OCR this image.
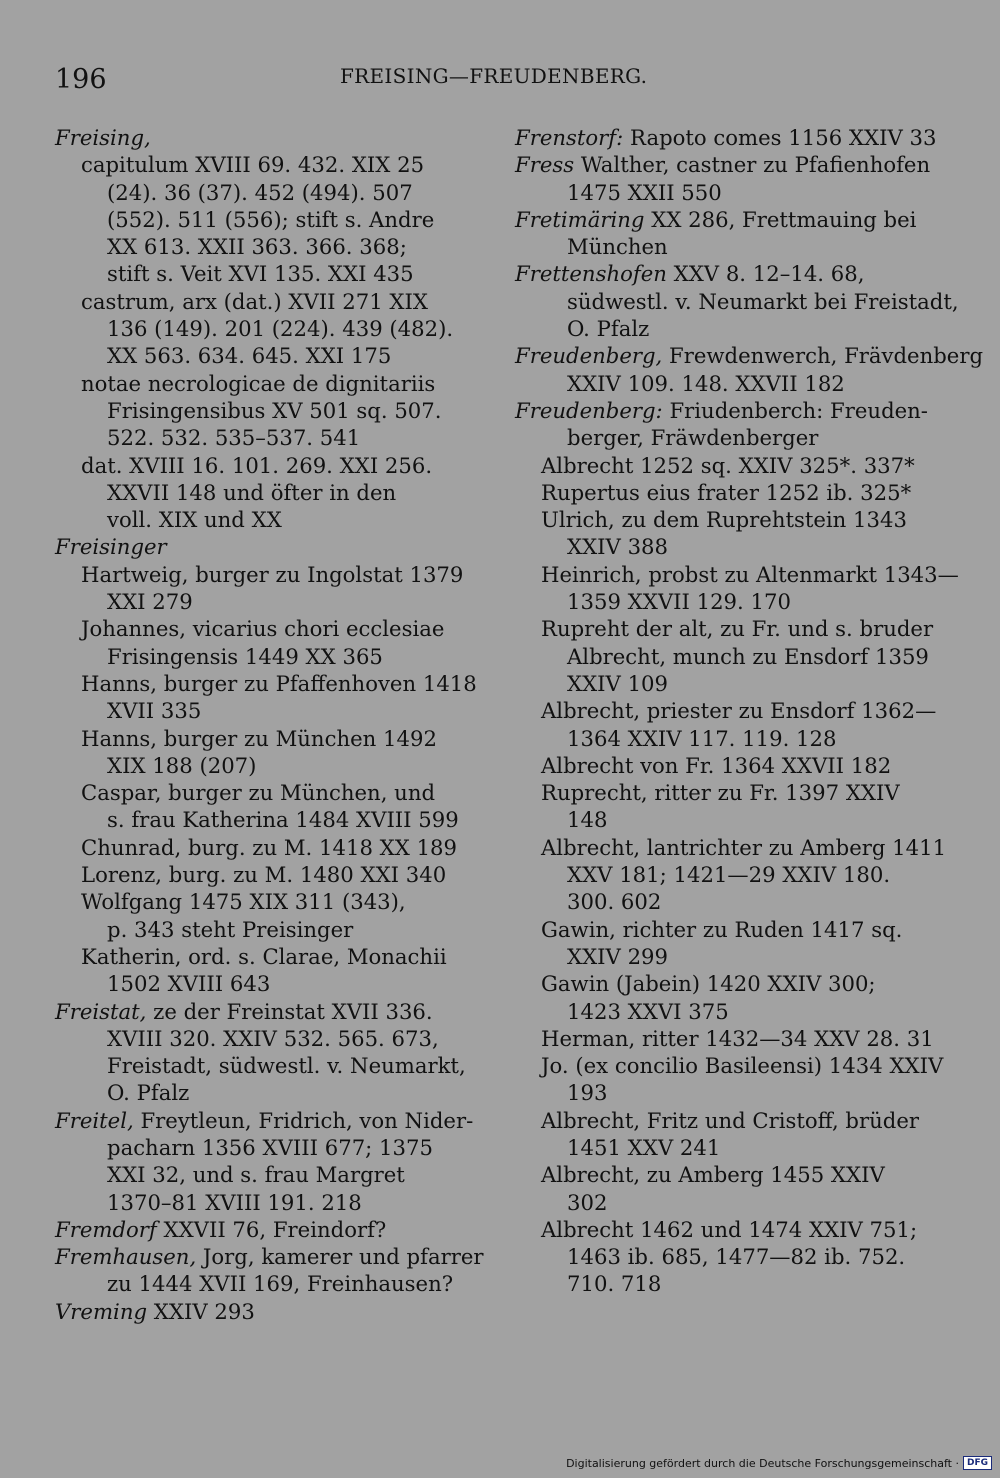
196	FREISING—FREUDENBERG.
Freising,
capitulum XVIII 69. 432. XIX 25
(24). 36 (37). 452 (494). 507
(552). 511 (556); stift s. Andre
XX 613. XXII 363. 366. 368;
stift s. Veit XVI 135. XXI 435
castrum, arx (dat.) XVII 271 XIX
136 (149). 201 (224). 439 (482).
XX 563. 634. 645. XXI 175
notae necrologicae de dignitariis
Frisingensibus XV 501 sq. 507.
522. 532. 535–537. 541
dat. XVIII 16. 101. 269. XXI 256.
XXVII 148 und öfter in den
voll. XIX und XX
Freisinger
Hartweig, burger zu Ingolstat 1379
XXI 279
Johannes, vicarius chori ecclesiae
Frisingensis 1449 XX 365
Hanns, burger zu Pfaffenhoven 1418
XVII 335
Hanns, burger zu München 1492
XIX 188 (207)
Caspar, burger zu München, und
s. frau Katherina 1484 XVIII 599
Chunrad, burg. zu M. 1418 XX 189
Lorenz, burg. zu M. 1480 XXI 340
Wolfgang 1475 XIX 311 (343),
p. 343 steht Preisinger
Katherin, ord. s. Clarae, Monachii
1502 XVIII 643
Freistat, ze der Freinstat XVII 336.
XVIII 320. XXIV 532. 565. 673,
Freistadt, südwestl. v. Neumarkt,
O. Pfalz
Freitel, Freytleun, Fridrich, von Nider-
pacharn 1356 XVIII 677; 1375
XXI 32, und s. frau Margret
1370–81 XVIII 191. 218
Fremdorf XXVII 76, Freindorf?
Fremhausen, Jorg, kamerer und pfarrer
zu 1444 XVII 169, Freinhausen?
Vreming XXIV 293
Frenstorf: Rapoto comes 1156 XXIV 33
Fress Walther, castner zu Pfafienhofen
1475 XXII 550
Fretimäring XX 286, Frettmauing bei
München
Frettenshofen XXV 8. 12–14. 68,
südwestl. v. Neumarkt bei Freistadt,
O. Pfalz
Freudenberg, Frewdenwerch, Frävdenberg
XXIV 109. 148. XXVII 182
Freudenberg: Friudenberch: Freuden-
berger, Fräwdenberger
Albrecht 1252 sq. XXIV 325*. 337*
Rupertus eius frater 1252 ib. 325*
Ulrich, zu dem Ruprehtstein 1343
XXIV 388
Heinrich, probst zu Altenmarkt 1343—
1359 XXVII 129. 170
Rupreht der alt, zu Fr. und s. bruder
Albrecht, munch zu Ensdorf 1359
XXIV 109
Albrecht, priester zu Ensdorf 1362—
1364 XXIV 117. 119. 128
Albrecht von Fr. 1364 XXVII 182
Ruprecht, ritter zu Fr. 1397 XXIV
148
Albrecht, lantrichter zu Amberg 1411
XXV 181; 1421—29 XXIV 180.
300. 602
Gawin, richter zu Ruden 1417 sq.
XXIV 299
Gawin (Jabein) 1420 XXIV 300;
1423 XXVI 375
Herman, ritter 1432—34 XXV 28. 31
Jo. (ex concilio Basileensi) 1434 XXIV
193
Albrecht, Fritz und Cristoff, brüder
1451 XXV 241
Albrecht, zu Amberg 1455 XXIV
302
Albrecht 1462 und 1474 XXIV 751;
1463 ib. 685, 1477—82 ib. 752.
710. 718
Digitalisierung gefördert durch die Deutsche Forschungsgemeinschaft · DFG
